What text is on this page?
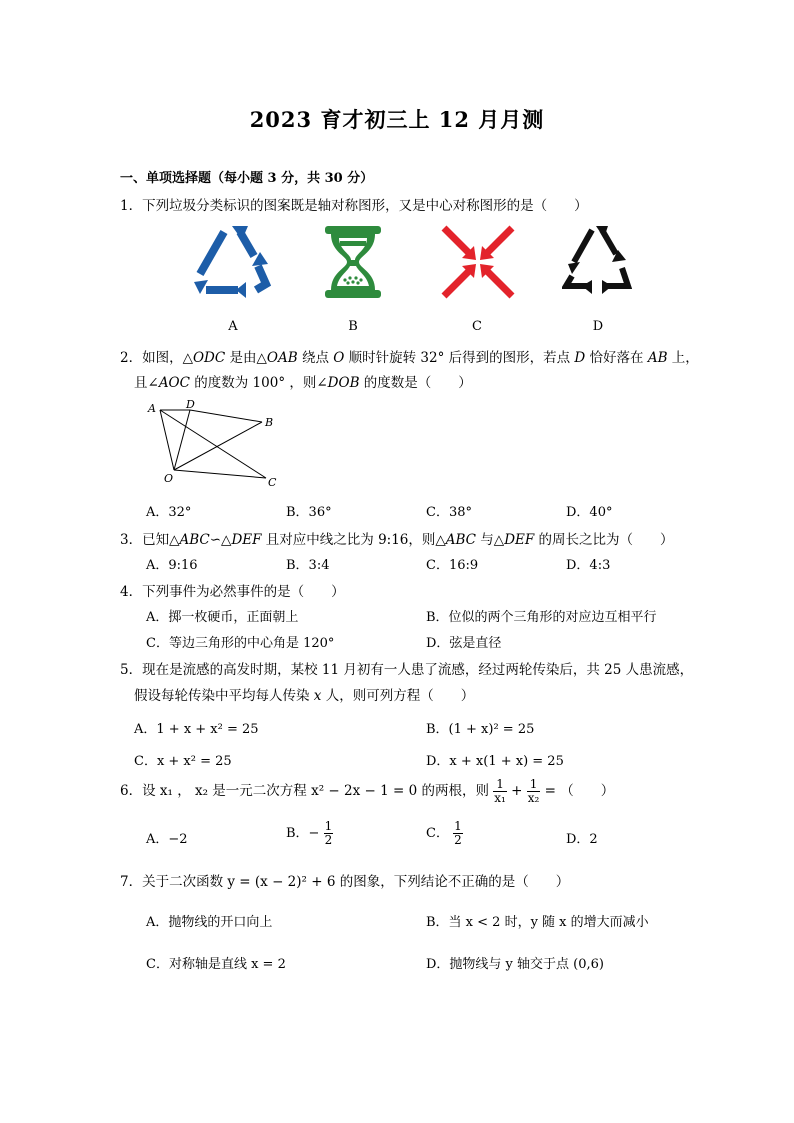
2023 育才初三上 12 月月测
一、单项选择题（每小题 3 分，共 30 分）
1．下列垃圾分类标识的图案既是轴对称图形，又是中心对称图形的是（　　）
A	B	C	D
2．如图，△ODC 是由△OAB 绕点 O 顺时针旋转 32° 后得到的图形，若点 D 恰好落在 AB 上，
且∠AOC 的度数为 100° ，则∠DOB 的度数是（　　）
A	D
B
O	C
A．32°	B．36°	C．38°	D．40°
3．已知△ABC∽△DEF 且对应中线之比为 9:16，则△ABC 与△DEF 的周长之比为（　　）
A．9:16	B．3:4	C．16:9	D．4:3
4．下列事件为必然事件的是（　　）
A．掷一枚硬币，正面朝上	B．位似的两个三角形的对应边互相平行
C．等边三角形的中心角是 120°	D．弦是直径
5．现在是流感的高发时期，某校 11 月初有一人患了流感，经过两轮传染后，共 25 人患流感，
假设每轮传染中平均每人传染 x 人，则可列方程（　　）
A．1 + x + x² = 25	B．(1 + x)² = 25
C．x + x² = 25	D．x + x(1 + x) = 25
6．设 x₁ ， x₂ 是一元二次方程 x² − 2x − 1 = 0 的两根，则 $\frac{1}{\text{x₁}} + \frac{1}{\text{x₂}}$ = （　　）
A．−2	B．− $\frac{1}{2}$	C． $\frac{1}{2}$	D．2
7．关于二次函数 y = (x − 2)² + 6 的图象，下列结论不正确的是（　　）
A．抛物线的开口向上	B．当 x < 2 时，y 随 x 的增大而减小
C．对称轴是直线 x = 2	D．抛物线与 y 轴交于点 (0,6)
